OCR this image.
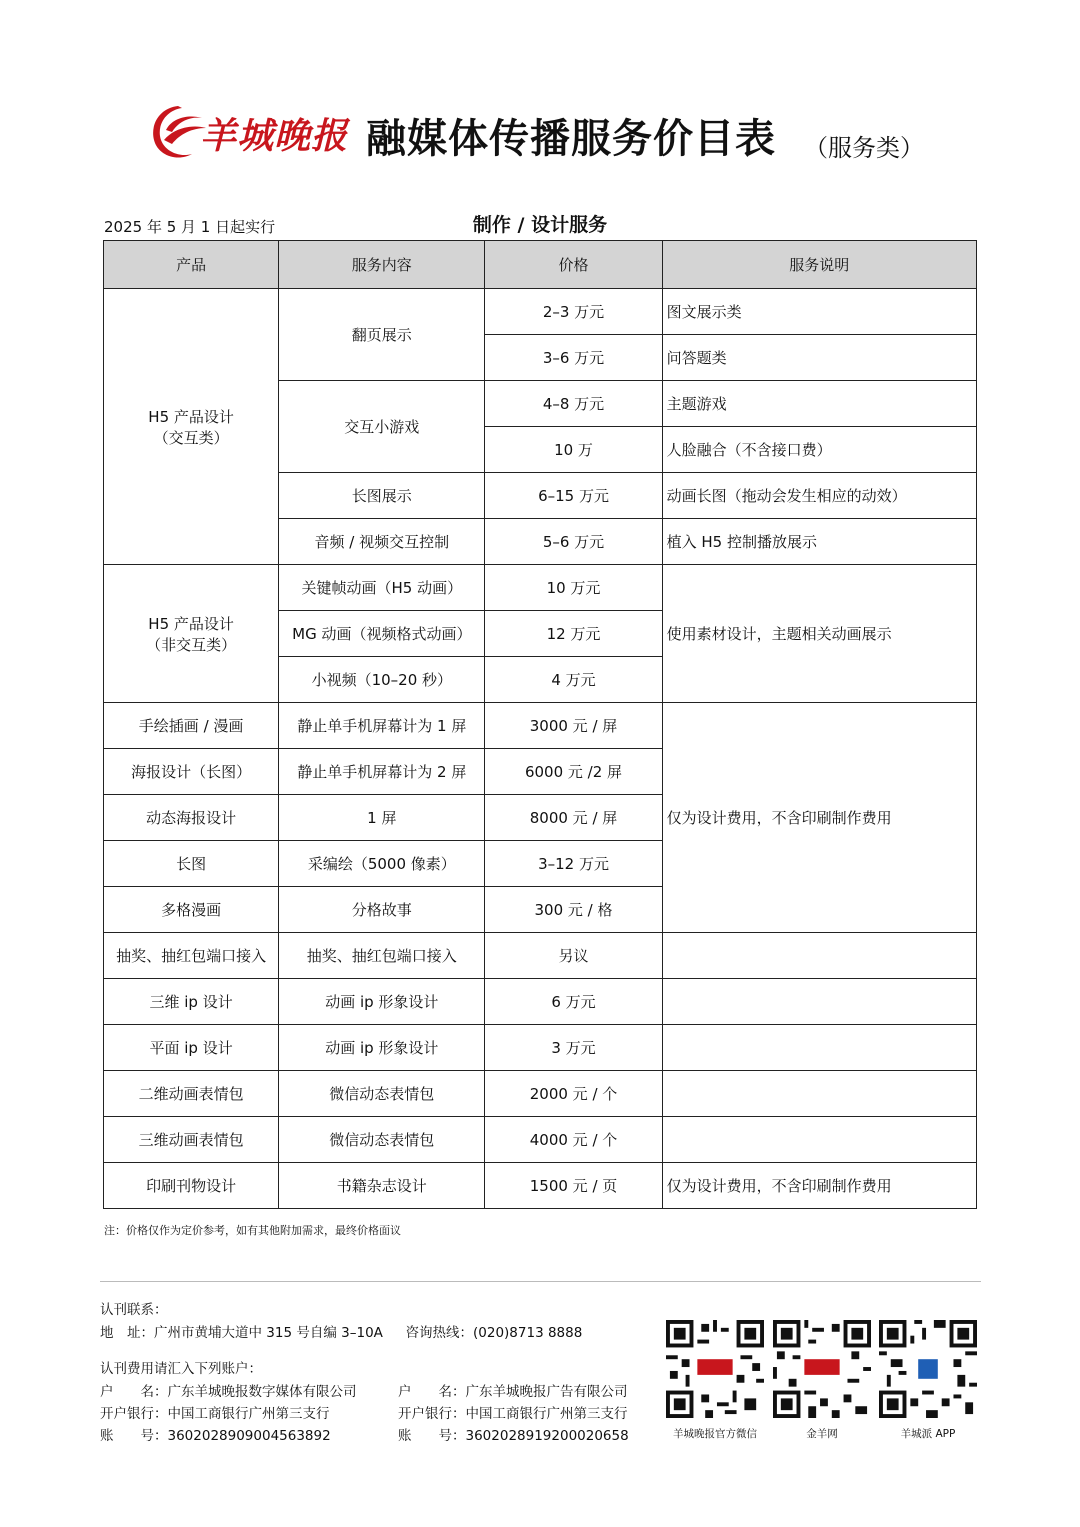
羊城晚报 融媒体传播服务价目表 （服务类）
2025 年 5 月 1 日起实行	制作 / 设计服务
产品	服务内容	价格	服务说明

H5 产品设计
（交互类）	翻页展示	2–3 万元	图文展示类
		3–6 万元	问答题类
	交互小游戏	4–8 万元	主题游戏
		10 万	人脸融合（不含接口费）
	长图展示	6–15 万元	动画长图（拖动会发生相应的动效）
	音频 / 视频交互控制	5–6 万元	植入 H5 控制播放展示

H5 产品设计
（非交互类）	关键帧动画（H5 动画）	10 万元	使用素材设计，主题相关动画展示
	MG 动画（视频格式动画）	12 万元	
	小视频（10–20 秒）	4 万元	
手绘插画 / 漫画	静止单手机屏幕计为 1 屏	3000 元 / 屏	仅为设计费用，不含印刷制作费用
海报设计（长图）	静止单手机屏幕计为 2 屏	6000 元 /2 屏	
动态海报设计	1 屏	8000 元 / 屏	
长图	采编绘（5000 像素）	3–12 万元	
多格漫画	分格故事	300 元 / 格	
抽奖、抽红包端口接入	抽奖、抽红包端口接入	另议	
三维 ip 设计	动画 ip 形象设计	6 万元	
平面 ip 设计	动画 ip 形象设计	3 万元	
二维动画表情包	微信动态表情包	2000 元 / 个	
三维动画表情包	微信动态表情包	4000 元 / 个	
印刷刊物设计	书籍杂志设计	1500 元 / 页	仅为设计费用，不含印刷制作费用
注：价格仅作为定价参考，如有其他附加需求，最终价格面议
认刊联系：
地　址：广州市黄埔大道中 315 号自编 3–10A 咨询热线：(020)8713 8888
认刊费用请汇入下列账户：
户　　名：广东羊城晚报数字媒体有限公司
开户银行：中国工商银行广州第三支行
账　　号：3602028909004563892
户　　名：广东羊城晚报广告有限公司
开户银行：中国工商银行广州第三支行
账　　号：3602028919200020658	羊城晚报官方微信	金羊网	羊城派 APP
